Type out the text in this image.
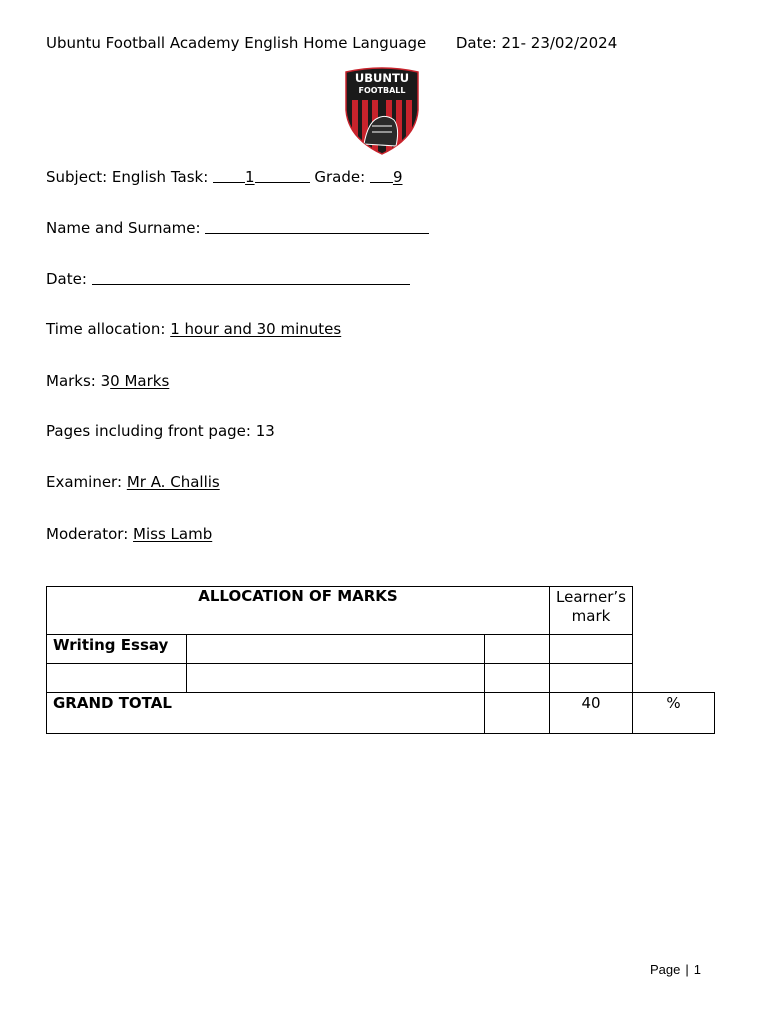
Ubuntu Football Academy English Home Language Date: 21- 23/02/2024
UBUNTU
FOOTBALL
Subject: English Task: 1	Grade: 9
Name and Surname:
Date:
Time allocation: 1 hour and 30 minutes
Marks: 30 Marks
Pages including front page: 13
Examiner: Mr A. Challis
Moderator: Miss Lamb
ALLOCATION OF MARKS			Learner’s mark	
Writing Essay				

GRAND TOTAL			40	%
Page | 1
